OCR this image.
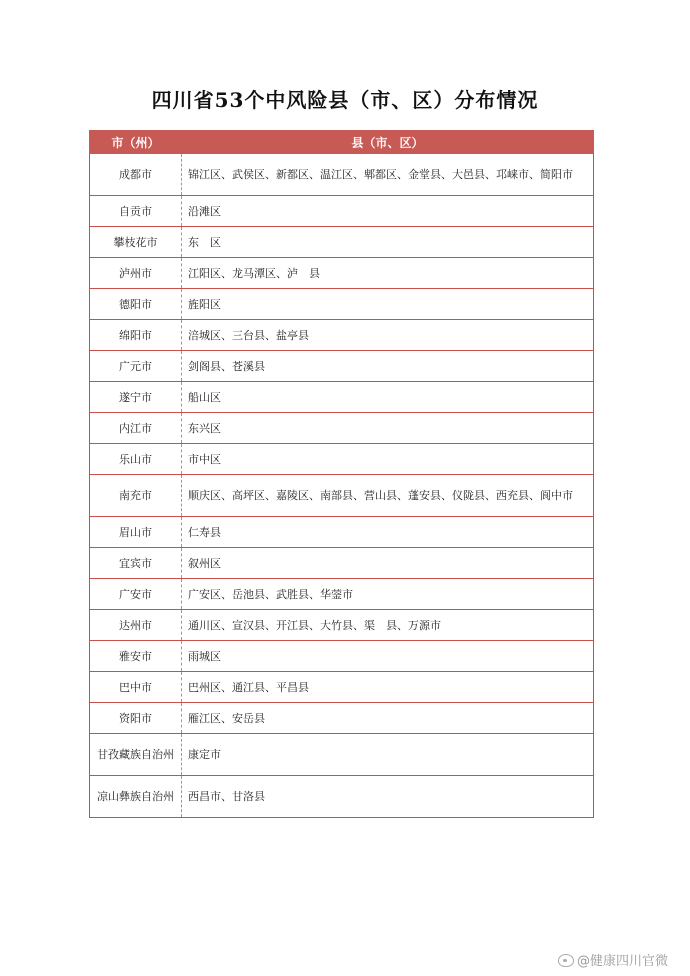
四川省53个中风险县（市、区）分布情况
市（州）	县（市、区）
成都市	锦江区、武侯区、新都区、温江区、郫都区、金堂县、大邑县、邛崃市、简阳市
自贡市	沿滩区
攀枝花市	东　区
泸州市	江阳区、龙马潭区、泸　县
德阳市	旌阳区
绵阳市	涪城区、三台县、盐亭县
广元市	剑阁县、苍溪县
遂宁市	船山区
内江市	东兴区
乐山市	市中区
南充市	顺庆区、高坪区、嘉陵区、南部县、营山县、蓬安县、仪陇县、西充县、阆中市
眉山市	仁寿县
宜宾市	叙州区
广安市	广安区、岳池县、武胜县、华蓥市
达州市	通川区、宣汉县、开江县、大竹县、渠　县、万源市
雅安市	雨城区
巴中市	巴州区、通江县、平昌县
资阳市	雁江区、安岳县
甘孜藏族自治州	康定市
凉山彝族自治州	西昌市、甘洛县
@健康四川官微
